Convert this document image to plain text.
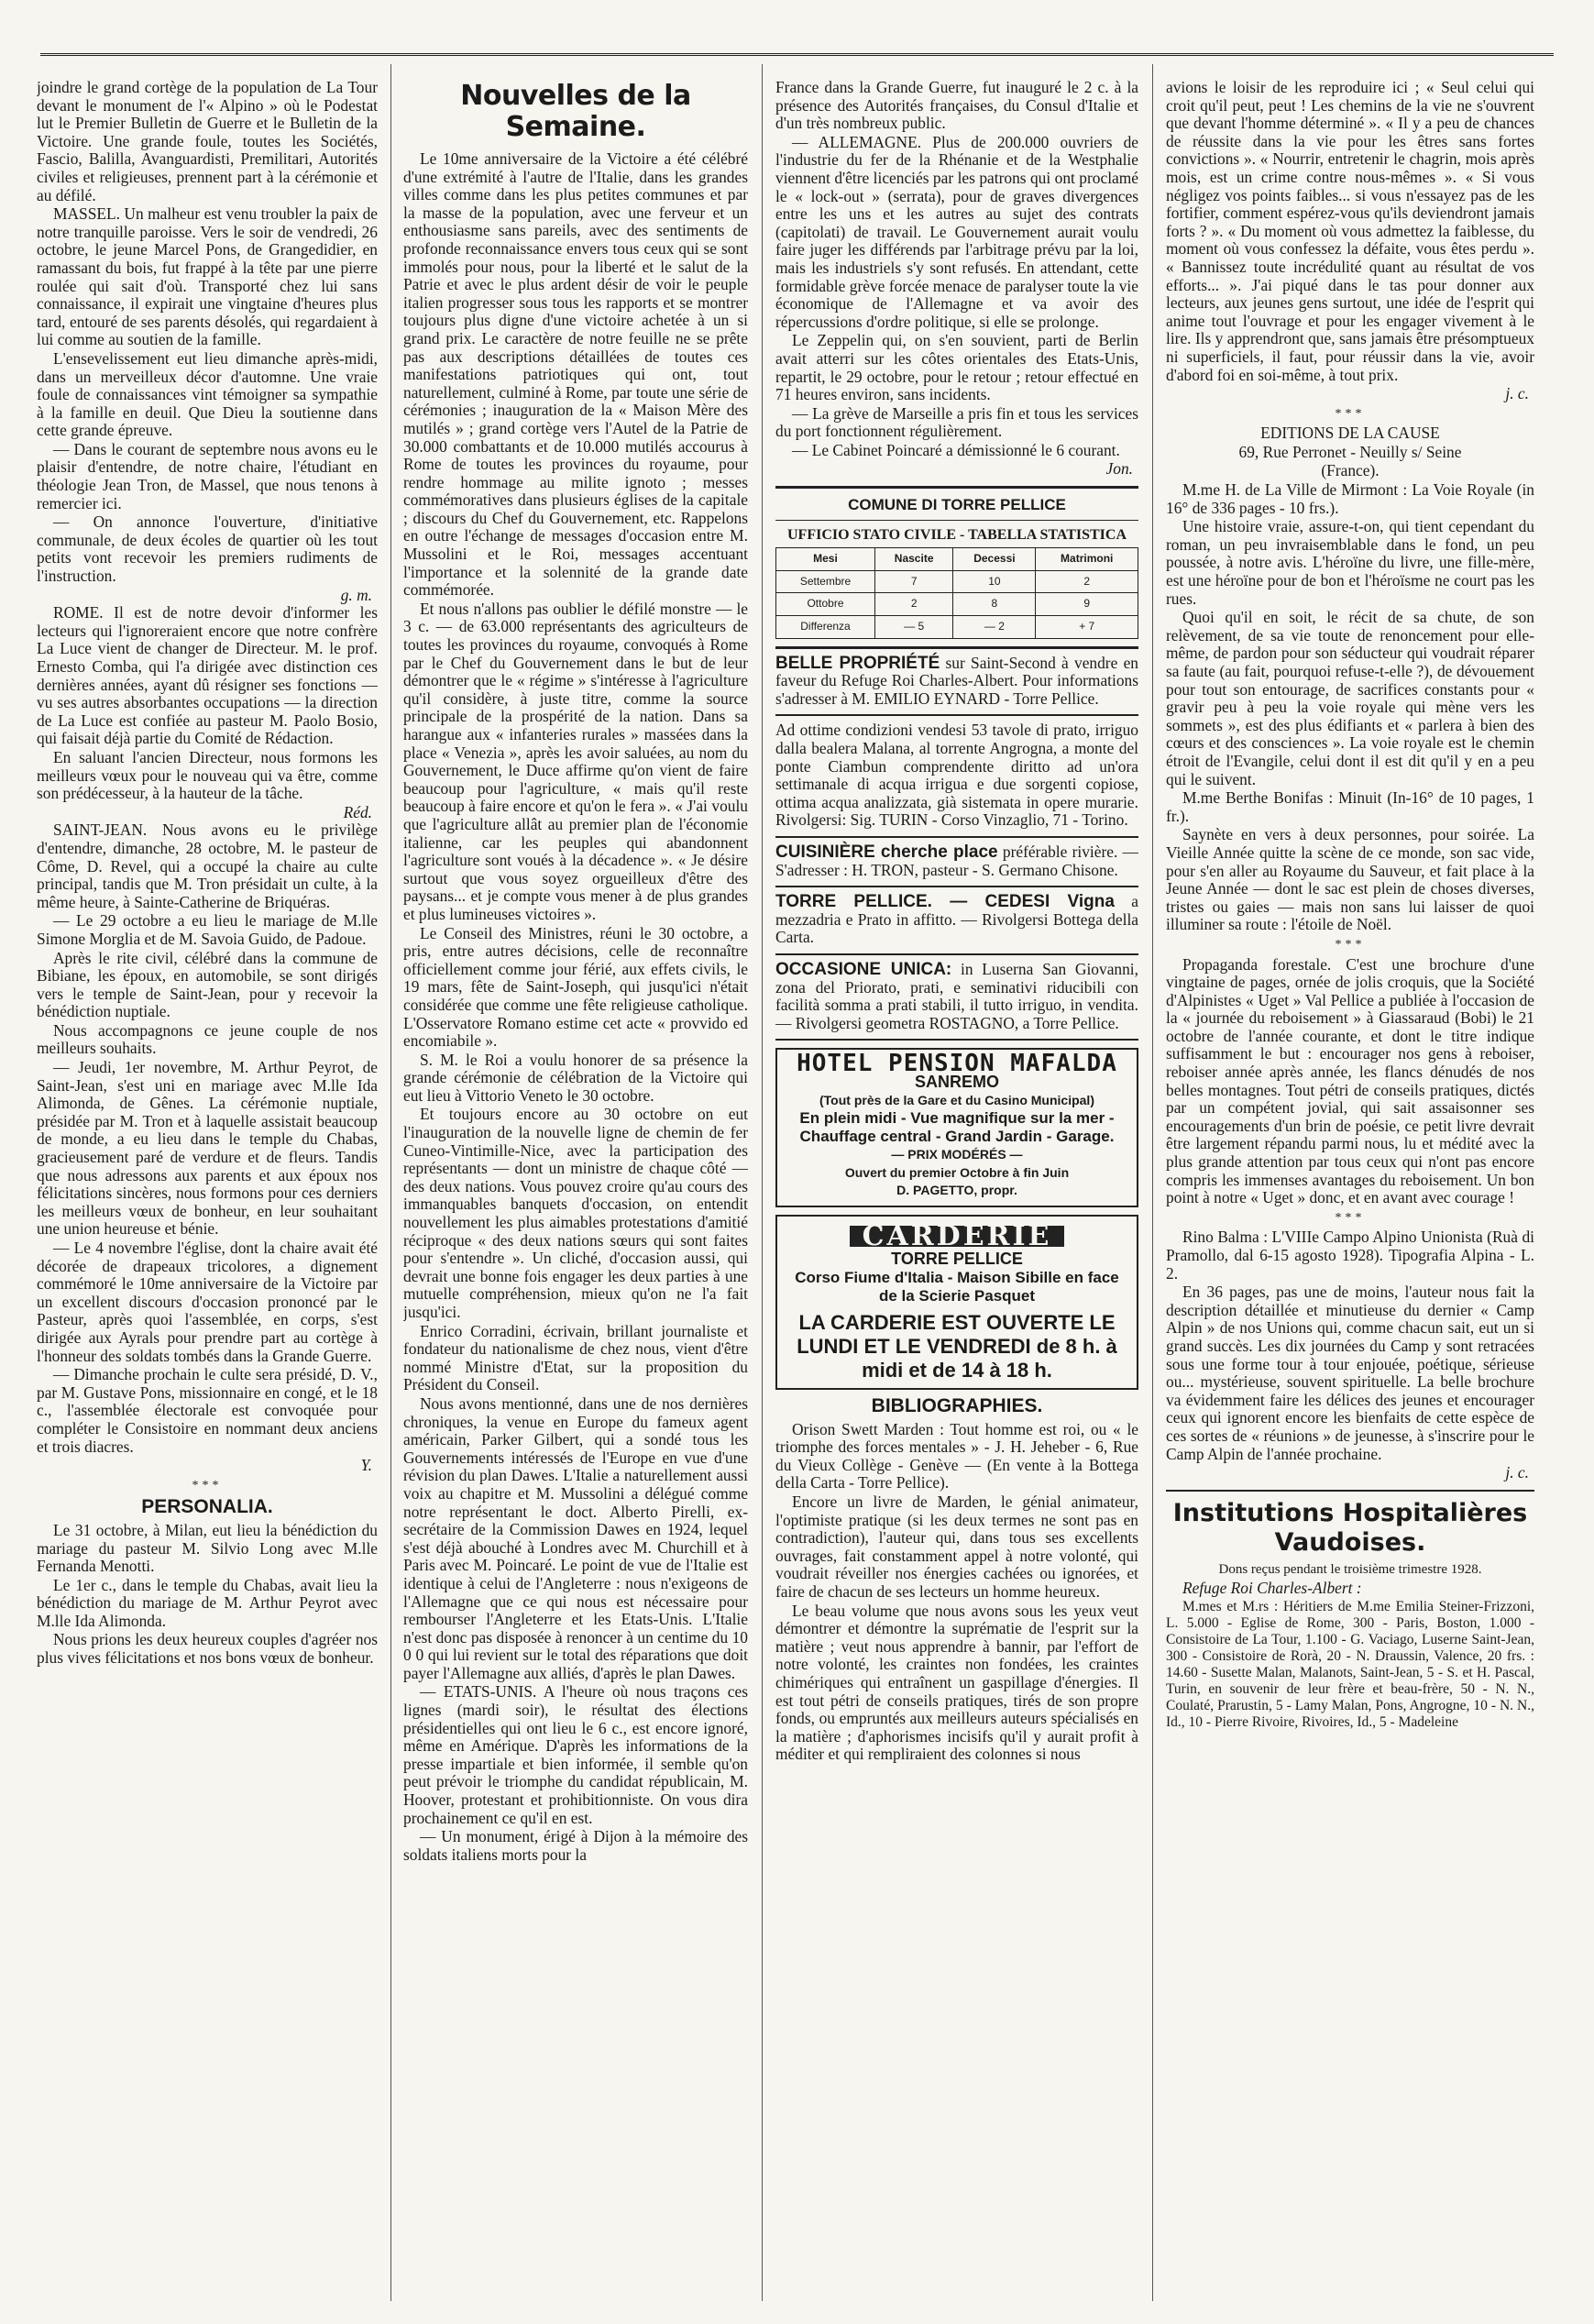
joindre le grand cortège de la population de La Tour devant le monument de l'« Alpino » où le Podestat lut le Premier Bulletin de Guerre et le Bulletin de la Victoire. Une grande foule, toutes les Sociétés, Fascio, Balilla, Avanguardisti, Premilitari, Autorités civiles et religieuses, prennent part à la cérémonie et au défilé.

MASSEL. Un malheur est venu troubler la paix de notre tranquille paroisse. Vers le soir de vendredi, 26 octobre, le jeune Marcel Pons, de Grangedidier, en ramassant du bois, fut frappé à la tête par une pierre roulée qui sait d'où. Transporté chez lui sans connaissance, il expirait une vingtaine d'heures plus tard, entouré de ses parents désolés, qui regardaient à lui comme au soutien de la famille.

L'ensevelissement eut lieu dimanche après-midi, dans un merveilleux décor d'automne. Une vraie foule de connaissances vint témoigner sa sympathie à la famille en deuil. Que Dieu la soutienne dans cette grande épreuve.

— Dans le courant de septembre nous avons eu le plaisir d'entendre, de notre chaire, l'étudiant en théologie Jean Tron, de Massel, que nous tenons à remercier ici.

— On annonce l'ouverture, d'initiative communale, de deux écoles de quartier où les tout petits vont recevoir les premiers rudiments de l'instruction.

g. m.

ROME. Il est de notre devoir d'informer les lecteurs qui l'ignoreraient encore que notre confrère La Luce vient de changer de Directeur. M. le prof. Ernesto Comba, qui l'a dirigée avec distinction ces dernières années, ayant dû résigner ses fonctions — vu ses autres absorbantes occupations — la direction de La Luce est confiée au pasteur M. Paolo Bosio, qui faisait déjà partie du Comité de Rédaction.

En saluant l'ancien Directeur, nous formons les meilleurs vœux pour le nouveau qui va être, comme son prédécesseur, à la hauteur de la tâche.

Réd.

SAINT-JEAN. Nous avons eu le privilège d'entendre, dimanche, 28 octobre, M. le pasteur de Côme, D. Revel, qui a occupé la chaire au culte principal, tandis que M. Tron présidait un culte, à la même heure, à Sainte-Catherine de Briquéras.

— Le 29 octobre a eu lieu le mariage de M.lle Simone Morglia et de M. Savoia Guido, de Padoue.

Après le rite civil, célébré dans la commune de Bibiane, les époux, en automobile, se sont dirigés vers le temple de Saint-Jean, pour y recevoir la bénédiction nuptiale.

Nous accompagnons ce jeune couple de nos meilleurs souhaits.

— Jeudi, 1er novembre, M. Arthur Peyrot, de Saint-Jean, s'est uni en mariage avec M.lle Ida Alimonda, de Gênes. La cérémonie nuptiale, présidée par M. Tron et à laquelle assistait beaucoup de monde, a eu lieu dans le temple du Chabas, gracieusement paré de verdure et de fleurs. Tandis que nous adressons aux parents et aux époux nos félicitations sincères, nous formons pour ces derniers les meilleurs vœux de bonheur, en leur souhaitant une union heureuse et bénie.

— Le 4 novembre l'église, dont la chaire avait été décorée de drapeaux tricolores, a dignement commémoré le 10me anniversaire de la Victoire par un excellent discours d'occasion prononcé par le Pasteur, après quoi l'assemblée, en corps, s'est dirigée aux Ayrals pour prendre part au cortège à l'honneur des soldats tombés dans la Grande Guerre.

— Dimanche prochain le culte sera présidé, D. V., par M. Gustave Pons, missionnaire en congé, et le 18 c., l'assemblée électorale est convoquée pour compléter le Consistoire en nommant deux anciens et trois diacres.

Y.
***
PERSONALIA.

Le 31 octobre, à Milan, eut lieu la bénédiction du mariage du pasteur M. Silvio Long avec M.lle Fernanda Menotti.

Le 1er c., dans le temple du Chabas, avait lieu la bénédiction du mariage de M. Arthur Peyrot avec M.lle Ida Alimonda.

Nous prions les deux heureux couples d'agréer nos plus vives félicitations et nos bons vœux de bonheur.

Nouvelles de la Semaine.

Le 10me anniversaire de la Victoire a été célébré d'une extrémité à l'autre de l'Italie, dans les grandes villes comme dans les plus petites communes et par la masse de la population, avec une ferveur et un enthousiasme sans pareils, avec des sentiments de profonde reconnaissance envers tous ceux qui se sont immolés pour nous, pour la liberté et le salut de la Patrie et avec le plus ardent désir de voir le peuple italien progresser sous tous les rapports et se montrer toujours plus digne d'une victoire achetée à un si grand prix. Le caractère de notre feuille ne se prête pas aux descriptions détaillées de toutes ces manifestations patriotiques qui ont, tout naturellement, culminé à Rome, par toute une série de cérémonies ; inauguration de la « Maison Mère des mutilés » ; grand cortège vers l'Autel de la Patrie de 30.000 combattants et de 10.000 mutilés accourus à Rome de toutes les provinces du royaume, pour rendre hommage au milite ignoto ; messes commémoratives dans plusieurs églises de la capitale ; discours du Chef du Gouvernement, etc. Rappelons en outre l'échange de messages d'occasion entre M. Mussolini et le Roi, messages accentuant l'importance et la solennité de la grande date commémorée.

Et nous n'allons pas oublier le défilé monstre — le 3 c. — de 63.000 représentants des agriculteurs de toutes les provinces du royaume, convoqués à Rome par le Chef du Gouvernement dans le but de leur démontrer que le « régime » s'intéresse à l'agriculture qu'il considère, à juste titre, comme la source principale de la prospérité de la nation. Dans sa harangue aux « infanteries rurales » massées dans la place « Venezia », après les avoir saluées, au nom du Gouvernement, le Duce affirme qu'on vient de faire beaucoup pour l'agriculture, « mais qu'il reste beaucoup à faire encore et qu'on le fera ». « J'ai voulu que l'agriculture allât au premier plan de l'économie italienne, car les peuples qui abandonnent l'agriculture sont voués à la décadence ». « Je désire surtout que vous soyez orgueilleux d'être des paysans... et je compte vous mener à de plus grandes et plus lumineuses victoires ».

Le Conseil des Ministres, réuni le 30 octobre, a pris, entre autres décisions, celle de reconnaître officiellement comme jour férié, aux effets civils, le 19 mars, fête de Saint-Joseph, qui jusqu'ici n'était considérée que comme une fête religieuse catholique. L'Osservatore Romano estime cet acte « provvido ed encomiabile ».

S. M. le Roi a voulu honorer de sa présence la grande cérémonie de célébration de la Victoire qui eut lieu à Vittorio Veneto le 30 octobre.

Et toujours encore au 30 octobre on eut l'inauguration de la nouvelle ligne de chemin de fer Cuneo-Vintimille-Nice, avec la participation des représentants — dont un ministre de chaque côté — des deux nations. Vous pouvez croire qu'au cours des immanquables banquets d'occasion, on entendit nouvellement les plus aimables protestations d'amitié réciproque « des deux nations sœurs qui sont faites pour s'entendre ». Un cliché, d'occasion aussi, qui devrait une bonne fois engager les deux parties à une mutuelle compréhension, mieux qu'on ne l'a fait jusqu'ici.

Enrico Corradini, écrivain, brillant journaliste et fondateur du nationalisme de chez nous, vient d'être nommé Ministre d'Etat, sur la proposition du Président du Conseil.

Nous avons mentionné, dans une de nos dernières chroniques, la venue en Europe du fameux agent américain, Parker Gilbert, qui a sondé tous les Gouvernements intéressés de l'Europe en vue d'une révision du plan Dawes. L'Italie a naturellement aussi voix au chapitre et M. Mussolini a délégué comme notre représentant le doct. Alberto Pirelli, ex-secrétaire de la Commission Dawes en 1924, lequel s'est déjà abouché à Londres avec M. Churchill et à Paris avec M. Poincaré. Le point de vue de l'Italie est identique à celui de l'Angleterre : nous n'exigeons de l'Allemagne que ce qui nous est nécessaire pour rembourser l'Angleterre et les Etats-Unis. L'Italie n'est donc pas disposée à renoncer à un centime du 10 0 0 qui lui revient sur le total des réparations que doit payer l'Allemagne aux alliés, d'après le plan Dawes.

— ETATS-UNIS. A l'heure où nous traçons ces lignes (mardi soir), le résultat des élections présidentielles qui ont lieu le 6 c., est encore ignoré, même en Amérique. D'après les informations de la presse impartiale et bien informée, il semble qu'on peut prévoir le triomphe du candidat républicain, M. Hoover, protestant et prohibitionniste. On vous dira prochainement ce qu'il en est.

— Un monument, érigé à Dijon à la mémoire des soldats italiens morts pour la

France dans la Grande Guerre, fut inauguré le 2 c. à la présence des Autorités françaises, du Consul d'Italie et d'un très nombreux public.

— ALLEMAGNE. Plus de 200.000 ouvriers de l'industrie du fer de la Rhénanie et de la Westphalie viennent d'être licenciés par les patrons qui ont proclamé le « lock-out » (serrata), pour de graves divergences entre les uns et les autres au sujet des contrats (capitolati) de travail. Le Gouvernement aurait voulu faire juger les différends par l'arbitrage prévu par la loi, mais les industriels s'y sont refusés. En attendant, cette formidable grève forcée menace de paralyser toute la vie économique de l'Allemagne et va avoir des répercussions d'ordre politique, si elle se prolonge.

Le Zeppelin qui, on s'en souvient, parti de Berlin avait atterri sur les côtes orientales des Etats-Unis, repartit, le 29 octobre, pour le retour ; retour effectué en 71 heures environ, sans incidents.

— La grève de Marseille a pris fin et tous les services du port fonctionnent régulièrement.

— Le Cabinet Poincaré a démissionné le 6 courant.

Jon.
COMUNE DI TORRE PELLICE
UFFICIO STATO CIVILE - TABELLA STATISTICA
Mesi	Nascite	Decessi	Matrimoni
Settembre	7	10	2
Ottobre	2	8	9
Differenza	— 5	— 2	+ 7

BELLE PROPRIÉTÉ sur Saint-Second à vendre en faveur du Refuge Roi Charles-Albert. Pour informations s'adresser à M. EMILIO EYNARD - Torre Pellice.

Ad ottime condizioni vendesi 53 tavole di prato, irriguo dalla bealera Malana, al torrente Angrogna, a monte del ponte Ciambun comprendente diritto ad un'ora settimanale di acqua irrigua e due sorgenti copiose, ottima acqua analizzata, già sistemata in opere murarie. Rivolgersi: Sig. TURIN - Corso Vinzaglio, 71 - Torino.

CUISINIÈRE cherche place préférable rivière. — S'adresser : H. TRON, pasteur - S. Germano Chisone.

TORRE PELLICE. — CEDESI Vigna a mezzadria e Prato in affitto. — Rivolgersi Bottega della Carta.

OCCASIONE UNICA: in Luserna San Giovanni, zona del Priorato, prati, e seminativi riducibili con facilità somma a prati stabili, il tutto irriguo, in vendita. — Rivolgersi geometra ROSTAGNO, a Torre Pellice.

HOTEL PENSION MAFALDA
SANREMO
(Tout près de la Gare et du Casino Municipal)
En plein midi - Vue magnifique sur la mer - Chauffage central - Grand Jardin - Garage.
— PRIX MODÉRÉS —
Ouvert du premier Octobre à fin Juin
D. PAGETTO, propr.
CARDERIE
TORRE PELLICE
Corso Fiume d'Italia - Maison Sibille en face de la Scierie Pasquet
LA CARDERIE EST OUVERTE LE LUNDI ET LE VENDREDI de 8 h. à midi et de 14 à 18 h.
BIBLIOGRAPHIES.

Orison Swett Marden : Tout homme est roi, ou « le triomphe des forces mentales » - J. H. Jeheber - 6, Rue du Vieux Collège - Genève — (En vente à la Bottega della Carta - Torre Pellice).

Encore un livre de Marden, le génial animateur, l'optimiste pratique (si les deux termes ne sont pas en contradiction), l'auteur qui, dans tous ses excellents ouvrages, fait constamment appel à notre volonté, qui voudrait réveiller nos énergies cachées ou ignorées, et faire de chacun de ses lecteurs un homme heureux.

Le beau volume que nous avons sous les yeux veut démontrer et démontre la suprématie de l'esprit sur la matière ; veut nous apprendre à bannir, par l'effort de notre volonté, les craintes non fondées, les craintes chimériques qui entraînent un gaspillage d'énergies. Il est tout pétri de conseils pratiques, tirés de son propre fonds, ou empruntés aux meilleurs auteurs spécialisés en la matière ; d'aphorismes incisifs qu'il y aurait profit à méditer et qui rempliraient des colonnes si nous

avions le loisir de les reproduire ici ; « Seul celui qui croit qu'il peut, peut ! Les chemins de la vie ne s'ouvrent que devant l'homme déterminé ». « Il y a peu de chances de réussite dans la vie pour les êtres sans fortes convictions ». « Nourrir, entretenir le chagrin, mois après mois, est un crime contre nous-mêmes ». « Si vous négligez vos points faibles... si vous n'essayez pas de les fortifier, comment espérez-vous qu'ils deviendront jamais forts ? ». « Du moment où vous admettez la faiblesse, du moment où vous confessez la défaite, vous êtes perdu ». « Bannissez toute incrédulité quant au résultat de vos efforts... ». J'ai piqué dans le tas pour donner aux lecteurs, aux jeunes gens surtout, une idée de l'esprit qui anime tout l'ouvrage et pour les engager vivement à le lire. Ils y apprendront que, sans jamais être présomptueux ni superficiels, il faut, pour réussir dans la vie, avoir d'abord foi en soi-même, à tout prix.

j. c.
***

EDITIONS DE LA CAUSE

69, Rue Perronet - Neuilly s/ Seine

(France).

M.me H. de La Ville de Mirmont : La Voie Royale (in 16° de 336 pages - 10 frs.).

Une histoire vraie, assure-t-on, qui tient cependant du roman, un peu invraisemblable dans le fond, un peu poussée, à notre avis. L'héroïne du livre, une fille-mère, est une héroïne pour de bon et l'héroïsme ne court pas les rues.

Quoi qu'il en soit, le récit de sa chute, de son relèvement, de sa vie toute de renoncement pour elle-même, de pardon pour son séducteur qui voudrait réparer sa faute (au fait, pourquoi refuse-t-elle ?), de dévouement pour tout son entourage, de sacrifices constants pour « gravir peu à peu la voie royale qui mène vers les sommets », est des plus édifiants et « parlera à bien des cœurs et des consciences ». La voie royale est le chemin étroit de l'Evangile, celui dont il est dit qu'il y en a peu qui le suivent.

M.me Berthe Bonifas : Minuit (In-16° de 10 pages, 1 fr.).

Saynète en vers à deux personnes, pour soirée. La Vieille Année quitte la scène de ce monde, son sac vide, pour s'en aller au Royaume du Sauveur, et fait place à la Jeune Année — dont le sac est plein de choses diverses, tristes ou gaies — mais non sans lui laisser de quoi illuminer sa route : l'étoile de Noël.

***

Propaganda forestale. C'est une brochure d'une vingtaine de pages, ornée de jolis croquis, que la Société d'Alpinistes « Uget » Val Pellice a publiée à l'occasion de la « journée du reboisement » à Giassaraud (Bobi) le 21 octobre de l'année courante, et dont le titre indique suffisamment le but : encourager nos gens à reboiser, reboiser année après année, les flancs dénudés de nos belles montagnes. Tout pétri de conseils pratiques, dictés par un compétent jovial, qui sait assaisonner ses encouragements d'un brin de poésie, ce petit livre devrait être largement répandu parmi nous, lu et médité avec la plus grande attention par tous ceux qui n'ont pas encore compris les immenses avantages du reboisement. Un bon point à notre « Uget » donc, et en avant avec courage !

***

Rino Balma : L'VIIIe Campo Alpino Unionista (Ruà di Pramollo, dal 6-15 agosto 1928). Tipografia Alpina - L. 2.

En 36 pages, pas une de moins, l'auteur nous fait la description détaillée et minutieuse du dernier « Camp Alpin » de nos Unions qui, comme chacun sait, eut un si grand succès. Les dix journées du Camp y sont retracées sous une forme tour à tour enjouée, poétique, sérieuse ou... mystérieuse, souvent spirituelle. La belle brochure va évidemment faire les délices des jeunes et encourager ceux qui ignorent encore les bienfaits de cette espèce de ces sortes de « réunions » de jeunesse, à s'inscrire pour le Camp Alpin de l'année prochaine.

j. c.
Institutions Hospitalières Vaudoises.

Dons reçus pendant le troisième trimestre 1928.

Refuge Roi Charles-Albert :

M.mes et M.rs : Héritiers de M.me Emilia Steiner-Frizzoni, L. 5.000 - Eglise de Rome, 300 - Paris, Boston, 1.000 - Consistoire de La Tour, 1.100 - G. Vaciago, Luserne Saint-Jean, 300 - Consistoire de Rorà, 20 - N. Draussin, Valence, 20 frs. : 14.60 - Susette Malan, Malanots, Saint-Jean, 5 - S. et H. Pascal, Turin, en souvenir de leur frère et beau-frère, 50 - N. N., Coulaté, Prarustin, 5 - Lamy Malan, Pons, Angrogne, 10 - N. N., Id., 10 - Pierre Rivoire, Rivoires, Id., 5 - Madeleine
